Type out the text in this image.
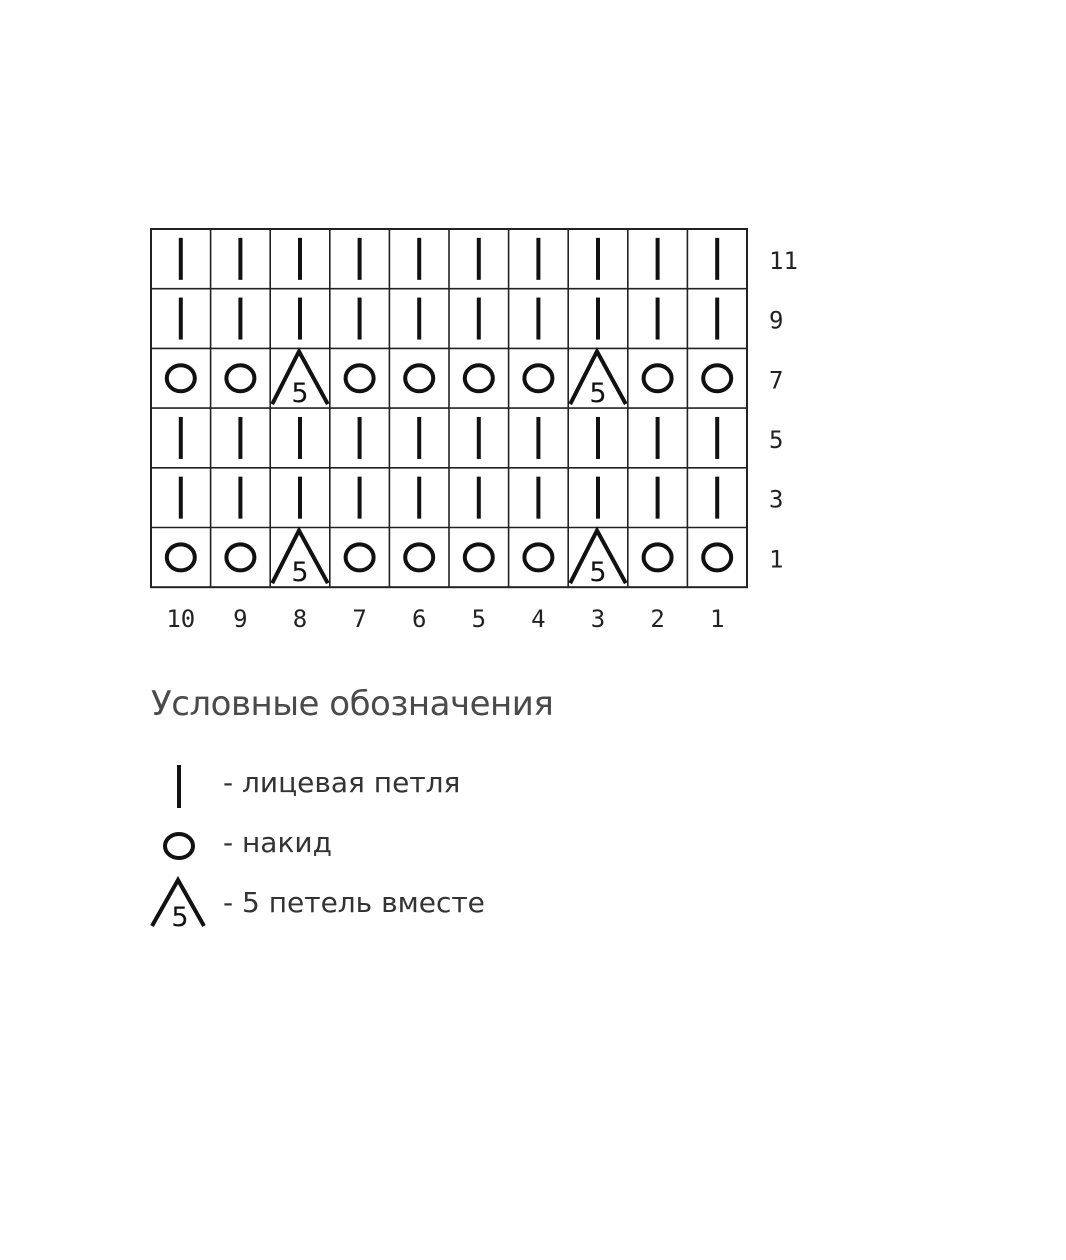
5	5
5	5
11
9
7
5
3
1
10 9 8 7 6 5 4 3 2 1
Условные обозначения
- лицевая петля
- накид
5 - 5 петель вместе
